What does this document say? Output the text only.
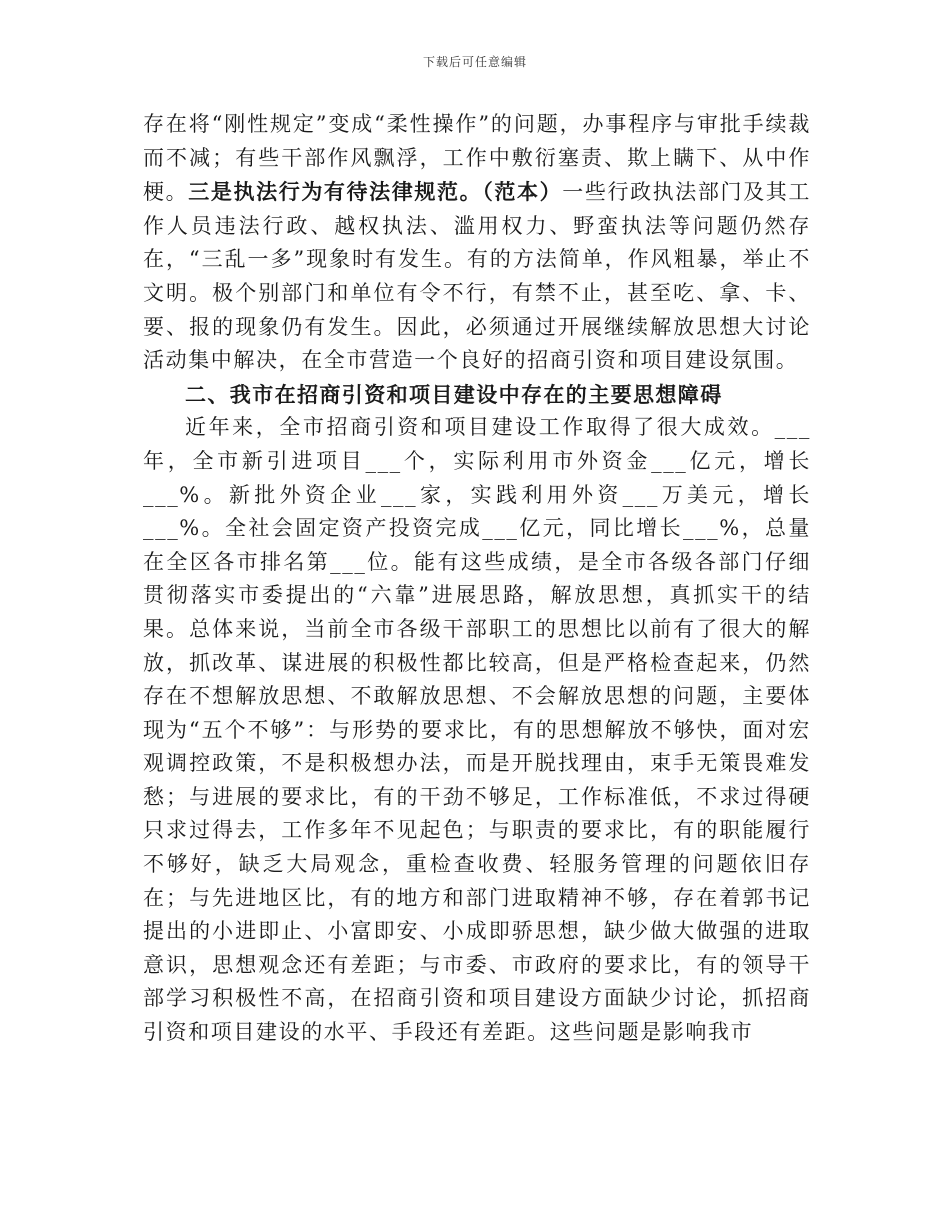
下载后可任意编辑

存在将“刚性规定”变成“柔性操作”的问题，办事程序与审批手续裁而不减；有些干部作风飘浮，工作中敷衍塞责、欺上瞒下、从中作梗。三是执法行为有待法律规范。（范本）一些行政执法部门及其工作人员违法行政、越权执法、滥用权力、野蛮执法等问题仍然存在，“三乱一多”现象时有发生。有的方法简单，作风粗暴，举止不文明。极个别部门和单位有令不行，有禁不止，甚至吃、拿、卡、要、报的现象仍有发生。因此，必须通过开展继续解放思想大讨论活动集中解决，在全市营造一个良好的招商引资和项目建设氛围。

二、我市在招商引资和项目建设中存在的主要思想障碍

近年来，全市招商引资和项目建设工作取得了很大成效。___年，全市新引进项目___个，实际利用市外资金___亿元，增长___%。新批外资企业___家，实践利用外资___万美元，增长___%。全社会固定资产投资完成___亿元，同比增长___%，总量在全区各市排名第___位。能有这些成绩，是全市各级各部门仔细贯彻落实市委提出的“六靠”进展思路，解放思想，真抓实干的结果。总体来说，当前全市各级干部职工的思想比以前有了很大的解放，抓改革、谋进展的积极性都比较高，但是严格检查起来，仍然存在不想解放思想、不敢解放思想、不会解放思想的问题，主要体现为“五个不够”：与形势的要求比，有的思想解放不够快，面对宏观调控政策，不是积极想办法，而是开脱找理由，束手无策畏难发愁；与进展的要求比，有的干劲不够足，工作标准低，不求过得硬只求过得去，工作多年不见起色；与职责的要求比，有的职能履行不够好，缺乏大局观念，重检查收费、轻服务管理的问题依旧存在；与先进地区比，有的地方和部门进取精神不够，存在着郭书记提出的小进即止、小富即安、小成即骄思想，缺少做大做强的进取意识，思想观念还有差距；与市委、市政府的要求比，有的领导干部学习积极性不高，在招商引资和项目建设方面缺少讨论，抓招商引资和项目建设的水平、手段还有差距。这些问题是影响我市
